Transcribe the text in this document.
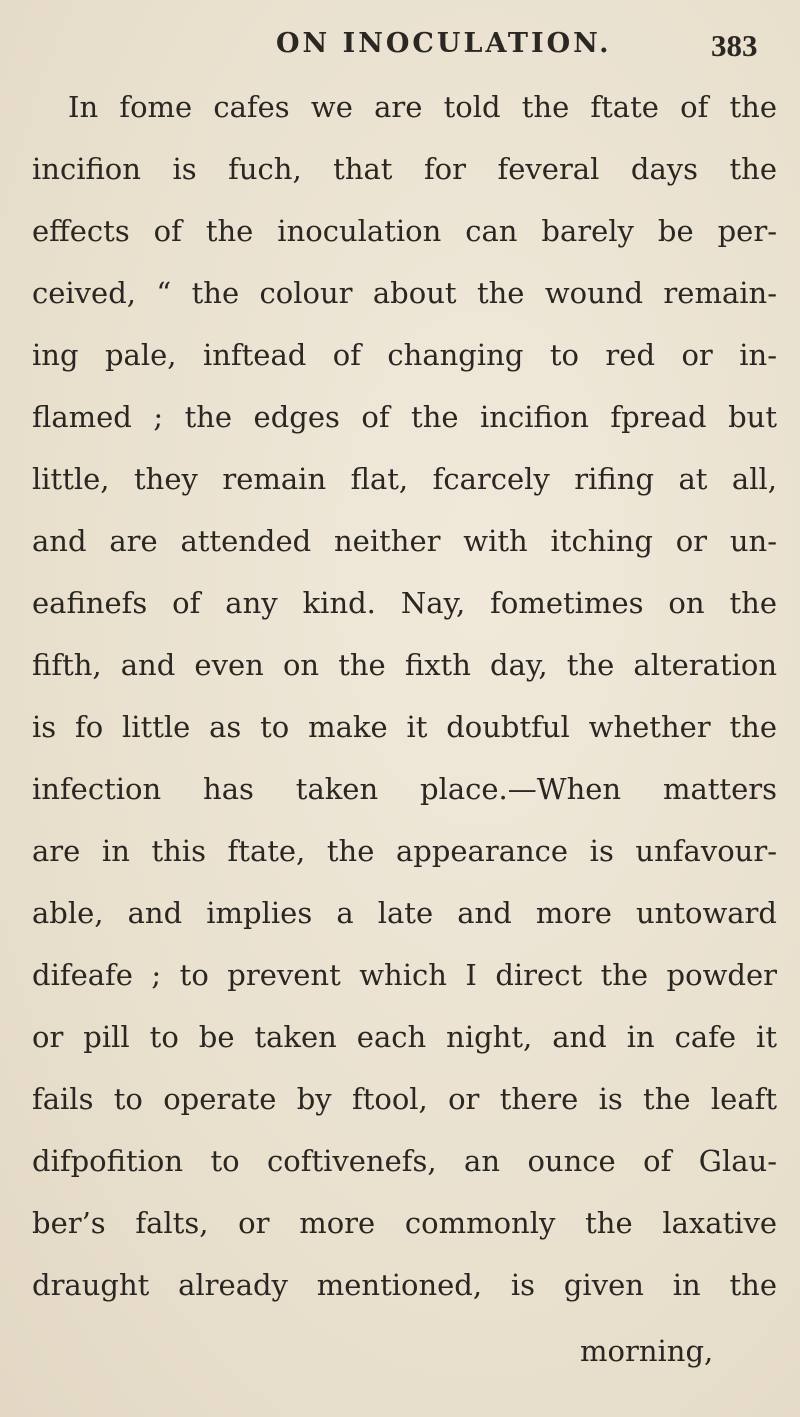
ON INOCULATION.	383
In fome cafes we are told the ftate of the
incifion is fuch, that for feveral days the
effects of the inoculation can barely be per-
ceived, “ the colour about the wound remain-
ing pale, inftead of changing to red or in-
flamed ; the edges of the incifion fpread but
little, they remain flat, fcarcely rifing at all,
and are attended neither with itching or un-
eafinefs of any kind. Nay, fometimes on the
fifth, and even on the fixth day, the alteration
is fo little as to make it doubtful whether the
infection has taken place.—When matters
are in this ftate, the appearance is unfavour-
able, and implies a late and more untoward
difeafe ; to prevent which I direct the powder
or pill to be taken each night, and in cafe it
fails to operate by ftool, or there is the leaft
difpofition to coftivenefs, an ounce of Glau-
ber’s falts, or more commonly the laxative
draught already mentioned, is given in the
morning,
